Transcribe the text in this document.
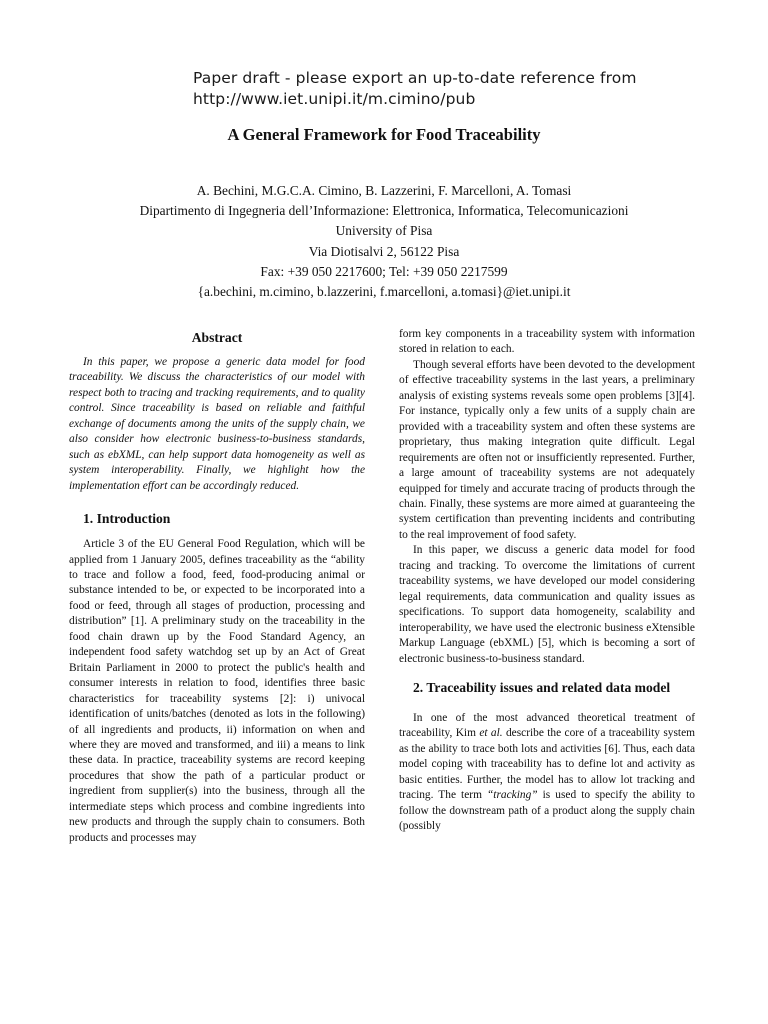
Paper draft - please export an up-to-date reference from
http://www.iet.unipi.it/m.cimino/pub
A General Framework for Food Traceability
A. Bechini, M.G.C.A. Cimino, B. Lazzerini, F. Marcelloni, A. Tomasi
Dipartimento di Ingegneria dell’Informazione: Elettronica, Informatica, Telecomunicazioni
University of Pisa
Via Diotisalvi 2, 56122 Pisa
Fax: +39 050 2217600; Tel: +39 050 2217599
{a.bechini, m.cimino, b.lazzerini, f.marcelloni, a.tomasi}@iet.unipi.it
Abstract

In this paper, we propose a generic data model for food traceability. We discuss the characteristics of our model with respect both to tracing and tracking requirements, and to quality control. Since traceability is based on reliable and faithful exchange of documents among the units of the supply chain, we also consider how electronic business-to-business standards, such as ebXML, can help support data homogeneity as well as system interoperability. Finally, we highlight how the implementation effort can be accordingly reduced.

1. Introduction

Article 3 of the EU General Food Regulation, which will be applied from 1 January 2005, defines traceability as the “ability to trace and follow a food, feed, food-producing animal or substance intended to be, or expected to be incorporated into a food or feed, through all stages of production, processing and distribution” [1]. A preliminary study on the traceability in the food chain drawn up by the Food Standard Agency, an independent food safety watchdog set up by an Act of Great Britain Parliament in 2000 to protect the public's health and consumer interests in relation to food, identifies three basic characteristics for traceability systems [2]: i) univocal identification of units/batches (denoted as lots in the following) of all ingredients and products, ii) information on when and where they are moved and transformed, and iii) a means to link these data. In practice, traceability systems are record keeping procedures that show the path of a particular product or ingredient from supplier(s) into the business, through all the intermediate steps which process and combine ingredients into new products and through the supply chain to consumers. Both products and processes may

form key components in a traceability system with information stored in relation to each.

Though several efforts have been devoted to the development of effective traceability systems in the last years, a preliminary analysis of existing systems reveals some open problems [3][4]. For instance, typically only a few units of a supply chain are provided with a traceability system and often these systems are proprietary, thus making integration quite difficult. Legal requirements are often not or insufficiently represented. Further, a large amount of traceability systems are not adequately equipped for timely and accurate tracing of products through the chain. Finally, these systems are more aimed at guaranteeing the system certification than preventing incidents and contributing to the real improvement of food safety.

In this paper, we discuss a generic data model for food tracing and tracking. To overcome the limitations of current traceability systems, we have developed our model considering legal requirements, data communication and quality issues as specifications. To support data homogeneity, scalability and interoperability, we have used the electronic business eXtensible Markup Language (ebXML) [5], which is becoming a sort of electronic business-to-business standard.

2. Traceability issues and related data model

In one of the most advanced theoretical treatment of traceability, Kim et al. describe the core of a traceability system as the ability to trace both lots and activities [6]. Thus, each data model coping with traceability has to define lot and activity as basic entities. Further, the model has to allow lot tracking and tracing. The term “tracking” is used to specify the ability to follow the downstream path of a product along the supply chain (possibly
